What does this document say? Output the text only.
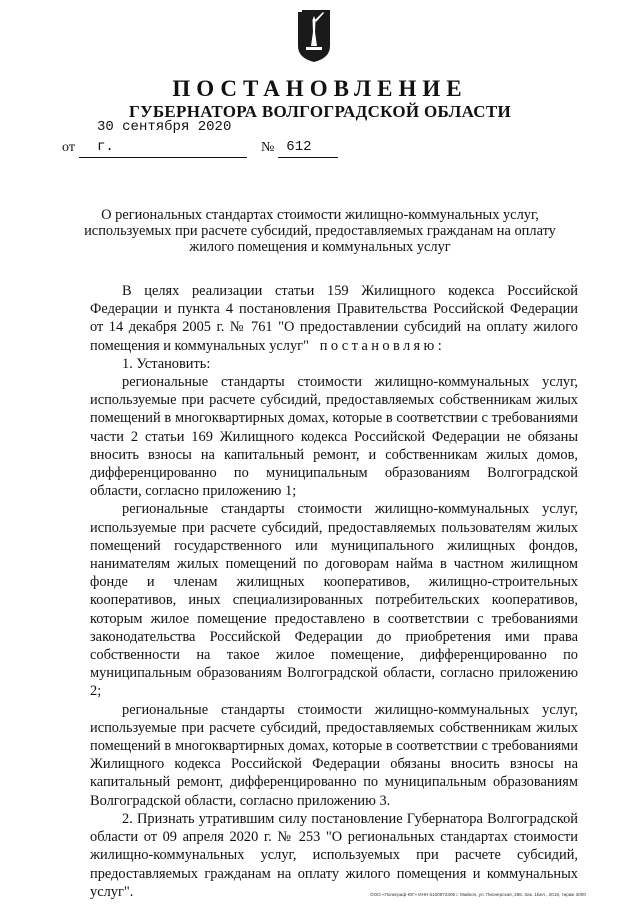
ПОСТАНОВЛЕНИЕ
ГУБЕРНАТОРА ВОЛГОГРАДСКОЙ ОБЛАСТИ
от
30 сентября 2020 г.	№ 612
О региональных стандартах стоимости жилищно-коммунальных услуг, используемых при расчете субсидий, предоставляемых гражданам на оплату жилого помещения и коммунальных услуг

В целях реализации статьи 159 Жилищного кодекса Российской Федерации и пункта 4 постановления Правительства Российской Федерации от 14 декабря 2005 г. № 761 "О предоставлении субсидий на оплату жилого помещения и коммунальных услуг" постановляю:

1. Установить:

региональные стандарты стоимости жилищно-коммунальных услуг, используемые при расчете субсидий, предоставляемых собственникам жилых помещений в многоквартирных домах, которые в соответствии с требованиями части 2 статьи 169 Жилищного кодекса Российской Федерации не обязаны вносить взносы на капитальный ремонт, и собственникам жилых домов, дифференцированно по муниципальным образованиям Волгоградской области, согласно приложению 1;

региональные стандарты стоимости жилищно-коммунальных услуг, используемые при расчете субсидий, предоставляемых пользователям жилых помещений государственного или муниципального жилищных фондов, нанимателям жилых помещений по договорам найма в частном жилищном фонде и членам жилищных кооперативов, жилищно-строительных кооперативов, иных специализированных потребительских кооперативов, которым жилое помещение предоставлено в соответствии с требованиями законодательства Российской Федерации до приобретения ими права собственности на такое жилое помещение, дифференцированно по муниципальным образованиям Волгоградской области, согласно приложению 2;

региональные стандарты стоимости жилищно-коммунальных услуг, используемые при расчете субсидий, предоставляемых собственникам жилых помещений в многоквартирных домах, которые в соответствии с требованиями Жилищного кодекса Российской Федерации обязаны вносить взносы на капитальный ремонт, дифференцированно по муниципальным образованиям Волгоградской области, согласно приложению 3.

2. Признать утратившим силу постановление Губернатора Волгоградской области от 09 апреля 2020 г. № 253 "О региональных стандартах стоимости жилищно-коммунальных услуг, используемых при расчете субсидий, предоставляемых гражданам на оплату жилого помещения и коммунальных услуг".	ООО «Полиграф-ЮГ» ИНН 6100972306 г. Майкоп, ул. Пионерская, 288. Зак. 1Бел., 2019, тираж 3000
